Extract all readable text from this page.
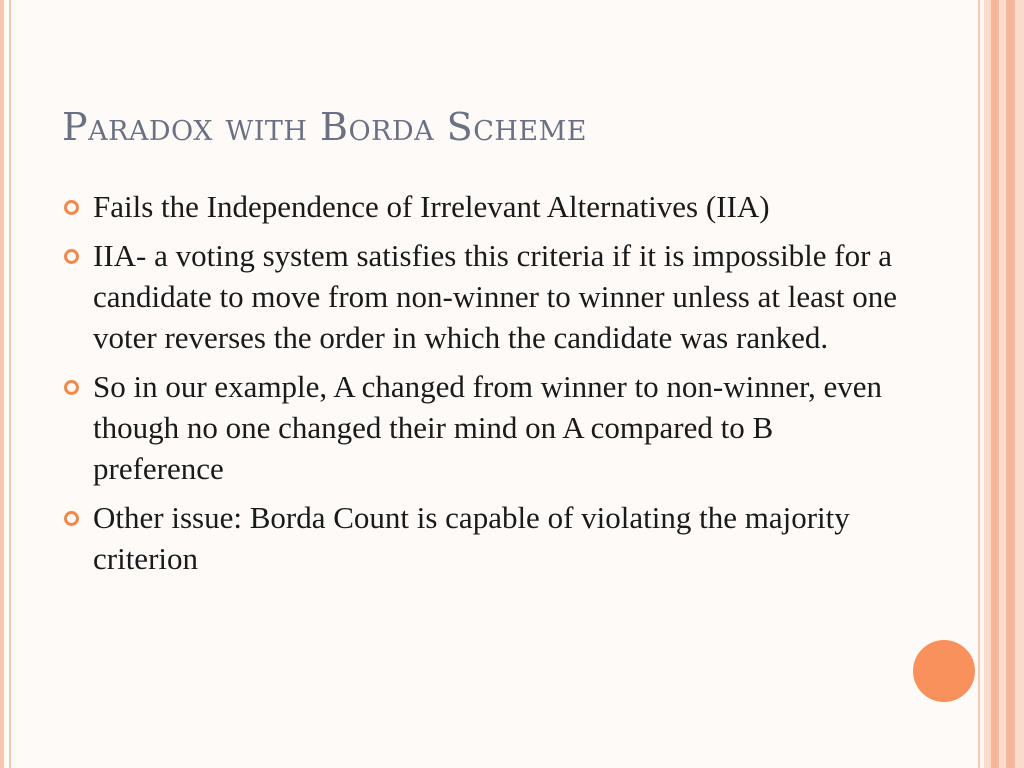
Paradox with Borda Scheme
Fails the Independence of Irrelevant Alternatives (IIA)
IIA- a voting system satisfies this criteria if it is impossible for a candidate to move from non-winner to winner unless at least one voter reverses the order in which the candidate was ranked.
So in our example, A changed from winner to non-winner, even though no one changed their mind on A compared to B preference
Other issue: Borda Count is capable of violating the majority criterion
